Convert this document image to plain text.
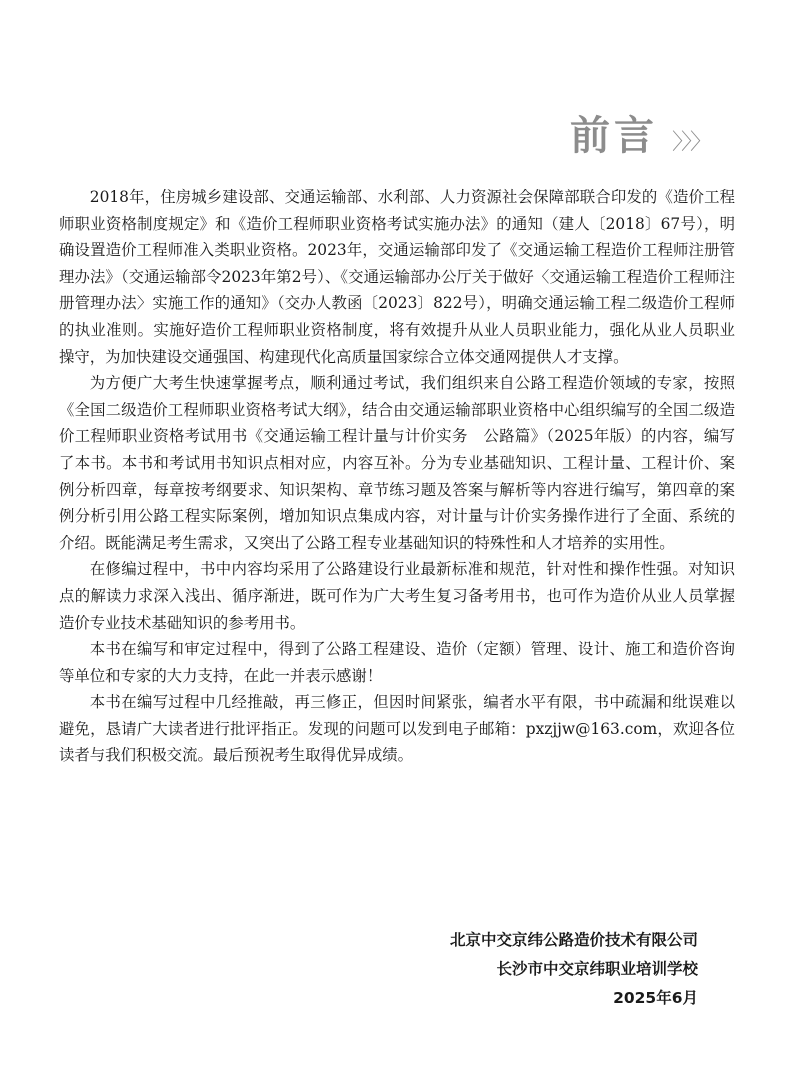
前言 〉〉〉

2018年，住房城乡建设部、交通运输部、水利部、人力资源社会保障部联合印发的《造价工程师职业资格制度规定》和《造价工程师职业资格考试实施办法》的通知（建人〔2018〕67号），明确设置造价工程师准入类职业资格。2023年，交通运输部印发了《交通运输工程造价工程师注册管理办法》（交通运输部令2023年第2号）、《交通运输部办公厅关于做好〈交通运输工程造价工程师注册管理办法〉实施工作的通知》（交办人教函〔2023〕822号），明确交通运输工程二级造价工程师的执业准则。实施好造价工程师职业资格制度，将有效提升从业人员职业能力，强化从业人员职业操守，为加快建设交通强国、构建现代化高质量国家综合立体交通网提供人才支撑。

为方便广大考生快速掌握考点，顺利通过考试，我们组织来自公路工程造价领域的专家，按照《全国二级造价工程师职业资格考试大纲》，结合由交通运输部职业资格中心组织编写的全国二级造价工程师职业资格考试用书《交通运输工程计量与计价实务　公路篇》（2025年版）的内容，编写了本书。本书和考试用书知识点相对应，内容互补。分为专业基础知识、工程计量、工程计价、案例分析四章，每章按考纲要求、知识架构、章节练习题及答案与解析等内容进行编写，第四章的案例分析引用公路工程实际案例，增加知识点集成内容，对计量与计价实务操作进行了全面、系统的介绍。既能满足考生需求，又突出了公路工程专业基础知识的特殊性和人才培养的实用性。

在修编过程中，书中内容均采用了公路建设行业最新标准和规范，针对性和操作性强。对知识点的解读力求深入浅出、循序渐进，既可作为广大考生复习备考用书，也可作为造价从业人员掌握造价专业技术基础知识的参考用书。

本书在编写和审定过程中，得到了公路工程建设、造价（定额）管理、设计、施工和造价咨询等单位和专家的大力支持，在此一并表示感谢！

本书在编写过程中几经推敲，再三修正，但因时间紧张，编者水平有限，书中疏漏和纰误难以避免，恳请广大读者进行批评指正。发现的问题可以发到电子邮箱：pxzjjw@163.com，欢迎各位读者与我们积极交流。最后预祝考生取得优异成绩。

北京中交京纬公路造价技术有限公司
长沙市中交京纬职业培训学校
2025年6月
